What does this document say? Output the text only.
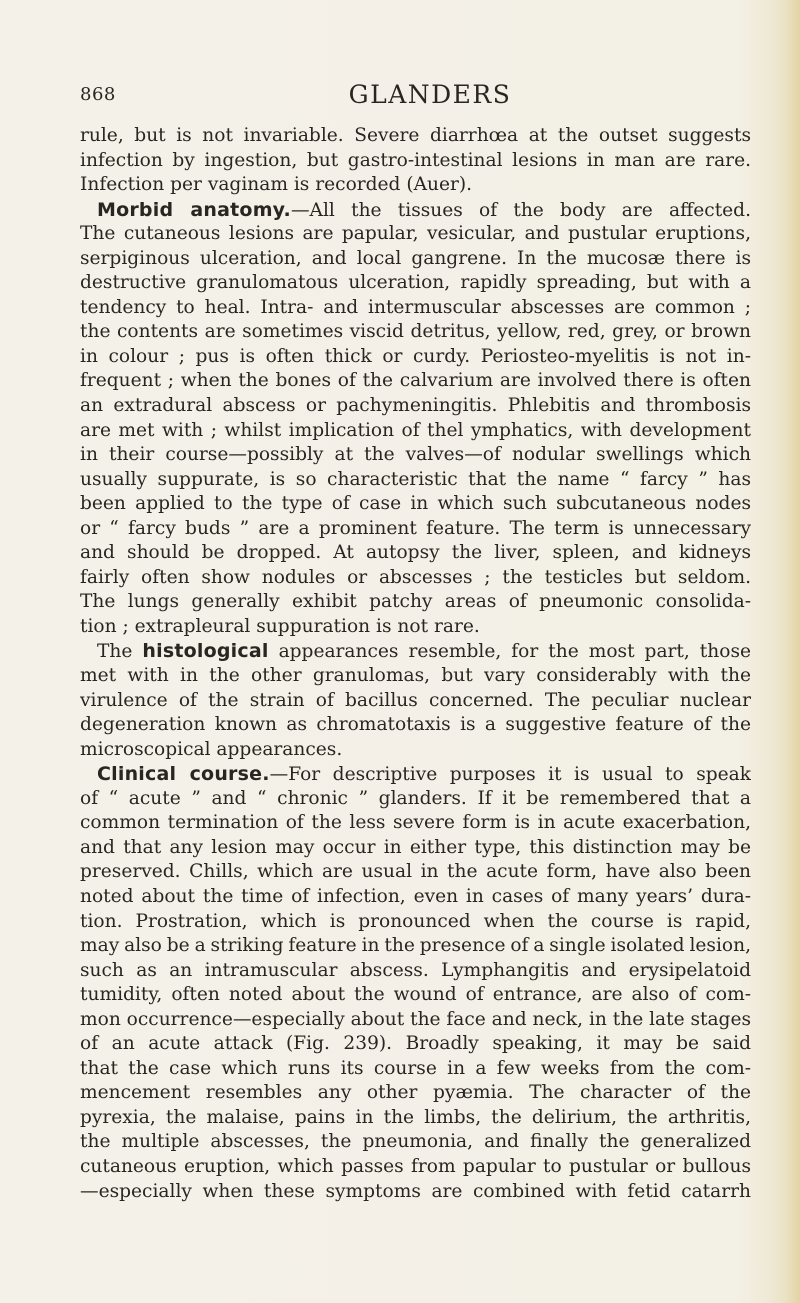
868	GLANDERS
rule, but is not invariable. Severe diarrhœa at the outset suggests
infection by ingestion, but gastro-intestinal lesions in man are rare.
Infection per vaginam is recorded (Auer).
Morbid anatomy.—All the tissues of the body are affected.
The cutaneous lesions are papular, vesicular, and pustular eruptions,
serpiginous ulceration, and local gangrene. In the mucosæ there is
destructive granulomatous ulceration, rapidly spreading, but with a
tendency to heal. Intra- and intermuscular abscesses are common ;
the contents are sometimes viscid detritus, yellow, red, grey, or brown
in colour ; pus is often thick or curdy. Periosteo-myelitis is not in-
frequent ; when the bones of the calvarium are involved there is often
an extradural abscess or pachymeningitis. Phlebitis and thrombosis
are met with ; whilst implication of thel ymphatics, with development
in their course—possibly at the valves—of nodular swellings which
usually suppurate, is so characteristic that the name “ farcy ” has
been applied to the type of case in which such subcutaneous nodes
or “ farcy buds ” are a prominent feature. The term is unnecessary
and should be dropped. At autopsy the liver, spleen, and kidneys
fairly often show nodules or abscesses ; the testicles but seldom.
The lungs generally exhibit patchy areas of pneumonic consolida-
tion ; extrapleural suppuration is not rare.
The histological appearances resemble, for the most part, those
met with in the other granulomas, but vary considerably with the
virulence of the strain of bacillus concerned. The peculiar nuclear
degeneration known as chromatotaxis is a suggestive feature of the
microscopical appearances.
Clinical course.—For descriptive purposes it is usual to speak
of “ acute ” and “ chronic ” glanders. If it be remembered that a
common termination of the less severe form is in acute exacerbation,
and that any lesion may occur in either type, this distinction may be
preserved. Chills, which are usual in the acute form, have also been
noted about the time of infection, even in cases of many years’ dura-
tion. Prostration, which is pronounced when the course is rapid,
may also be a striking feature in the presence of a single isolated lesion,
such as an intramuscular abscess. Lymphangitis and erysipelatoid
tumidity, often noted about the wound of entrance, are also of com-
mon occurrence—especially about the face and neck, in the late stages
of an acute attack (Fig. 239). Broadly speaking, it may be said
that the case which runs its course in a few weeks from the com-
mencement resembles any other pyæmia. The character of the
pyrexia, the malaise, pains in the limbs, the delirium, the arthritis,
the multiple abscesses, the pneumonia, and finally the generalized
cutaneous eruption, which passes from papular to pustular or bullous
—especially when these symptoms are combined with fetid catarrh
